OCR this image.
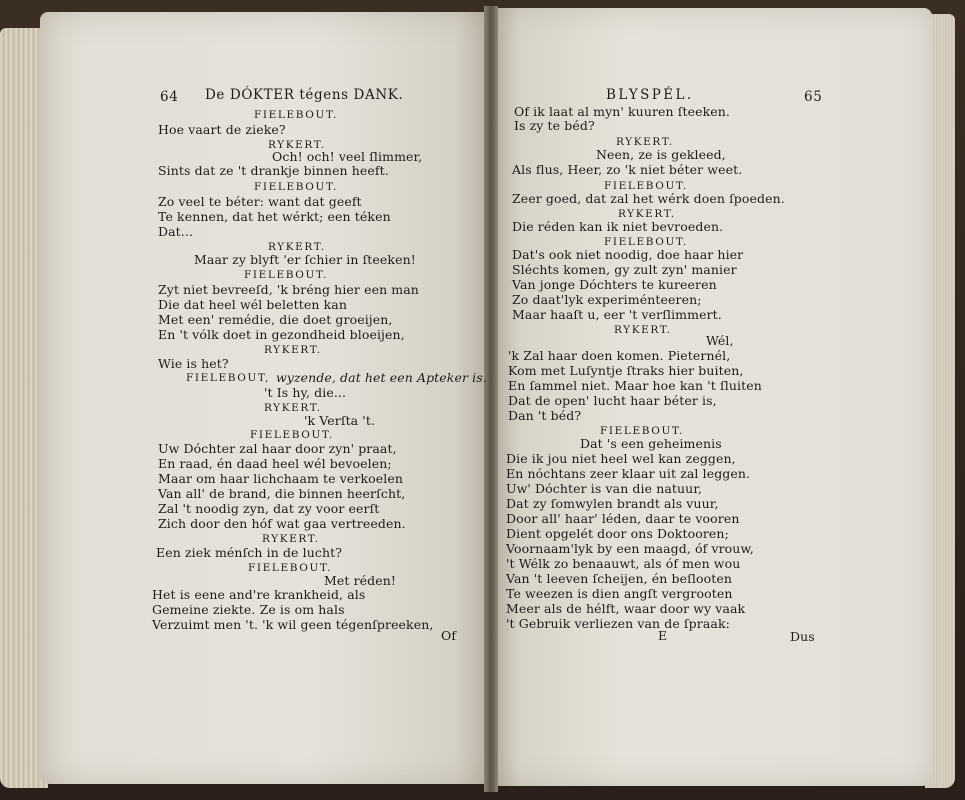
64 De DÓKTER tégens DANK.
FIELEBOUT.
Hoe vaart de zieke?
RYKERT.
Och! och! veel ſlimmer,
Sints dat ze 't drankje binnen heeft.
FIELEBOUT.
Zo veel te béter: want dat geeft
Te kennen, dat het wérkt; een téken
Dat...
RYKERT.
Maar zy blyft 'er ſchier in ſteeken!
FIELEBOUT.
Zyt niet bevreeſd, 'k bréng hier een man
Die dat heel wél beletten kan
Met een' remédie, die doet groeijen,
En 't vólk doet in gezondheid bloeijen,
RYKERT.
Wie is het?
FIELEBOUT, wyzende, dat het een Apteker is.
't Is hy, die...
RYKERT.
'k Verſta 't.
FIELEBOUT.
Uw Dóchter zal haar door zyn' praat,
En raad, én daad heel wél bevoelen;
Maar om haar lichchaam te verkoelen
Van all' de brand, die binnen heerſcht,
Zal 't noodig zyn, dat zy voor eerſt
Zich door den hóf wat gaa vertreeden.
RYKERT.
Een ziek ménſch in de lucht?
FIELEBOUT.
Met réden!
Het is eene and're krankheid, als
Gemeine ziekte. Ze is om hals
Verzuimt men 't. 'k wil geen tégenſpreeken,
Of
BLYSPÉL.	65
Of ik laat al myn' kuuren ſteeken.
Is zy te béd?
RYKERT.
Neen, ze is gekleed,
Als flus, Heer, zo 'k niet béter weet.
FIELEBOUT.
Zeer goed, dat zal het wérk doen ſpoeden.
RYKERT.
Die réden kan ik niet bevroeden.
FIELEBOUT.
Dat's ook niet noodig, doe haar hier
Sléchts komen, gy zult zyn' manier
Van jonge Dóchters te kureeren
Zo daat'lyk experiménteeren;
Maar haaſt u, eer 't verſlimmert.
RYKERT.
Wél,
'k Zal haar doen komen. Pieternél,
Kom met Luſyntje ſtraks hier buiten,
En ſammel niet. Maar hoe kan 't ſluiten
Dat de open' lucht haar béter is,
Dan 't béd?
FIELEBOUT.
Dat 's een geheimenis
Die ik jou niet heel wel kan zeggen,
En nóchtans zeer klaar uit zal leggen.
Uw' Dóchter is van die natuur,
Dat zy ſomwylen brandt als vuur,
Door all' haar' léden, daar te vooren
Dient opgelét door ons Doktooren;
Voornaam'lyk by een maagd, óf vrouw,
't Wélk zo benaauwt, als óf men wou
Van 't leeven ſcheijen, én beſlooten
Te weezen is dien angſt vergrooten
Meer als de hélft, waar door wy vaak
't Gebruik verliezen van de ſpraak:
E	Dus
